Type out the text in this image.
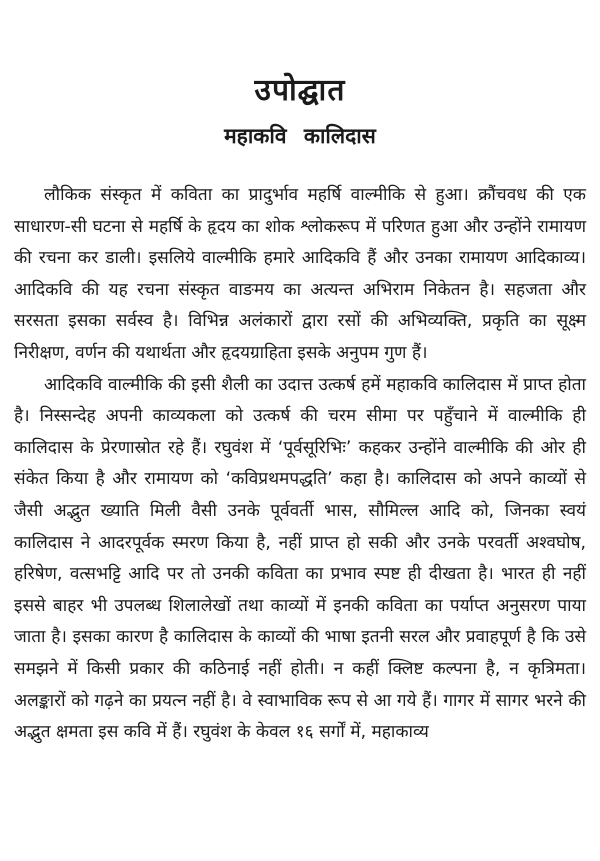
उपोद्घात
महाकवि कालिदास

लौकिक संस्कृत में कविता का प्रादुर्भाव महर्षि वाल्मीकि से हुआ। क्रौंचवध की एक साधारण-सी घटना से महर्षि के हृदय का शोक श्लोकरूप में परिणत हुआ और उन्होंने रामायण की रचना कर डाली। इसलिये वाल्मीकि हमारे आदिकवि हैं और उनका रामायण आदिकाव्य। आदिकवि की यह रचना संस्कृत वाङमय का अत्यन्त अभिराम निकेतन है। सहजता और सरसता इसका सर्वस्व है। विभिन्न अलंकारों द्वारा रसों की अभिव्यक्ति, प्रकृति का सूक्ष्म निरीक्षण, वर्णन की यथार्थता और हृदयग्राहिता इसके अनुपम गुण हैं।

आदिकवि वाल्मीकि की इसी शैली का उदात्त उत्कर्ष हमें महाकवि कालिदास में प्राप्त होता है। निस्सन्देह अपनी काव्यकला को उत्कर्ष की चरम सीमा पर पहुँचाने में वाल्मीकि ही कालिदास के प्रेरणास्रोत रहे हैं। रघुवंश में ‘पूर्वसूरिभिः’ कहकर उन्होंने वाल्मीकि की ओर ही संकेत किया है और रामायण को ‘कविप्रथमपद्धति’ कहा है। कालिदास को अपने काव्यों से जैसी अद्भुत ख्याति मिली वैसी उनके पूर्ववर्ती भास, सौमिल्ल आदि को, जिनका स्वयं कालिदास ने आदरपूर्वक स्मरण किया है, नहीं प्राप्त हो सकी और उनके परवर्ती अश्वघोष, हरिषेण, वत्सभट्टि आदि पर तो उनकी कविता का प्रभाव स्पष्ट ही दीखता है। भारत ही नहीं इससे बाहर भी उपलब्ध शिलालेखों तथा काव्यों में इनकी कविता का पर्याप्त अनुसरण पाया जाता है। इसका कारण है कालिदास के काव्यों की भाषा इतनी सरल और प्रवाहपूर्ण है कि उसे समझने में किसी प्रकार की कठिनाई नहीं होती। न कहीं क्लिष्ट कल्पना है, न कृत्रिमता। अलङ्कारों को गढ़ने का प्रयत्न नहीं है। वे स्वाभाविक रूप से आ गये हैं। गागर में सागर भरने की अद्भुत क्षमता इस कवि में हैं। रघुवंश के केवल १६ सर्गों में, महाकाव्य
